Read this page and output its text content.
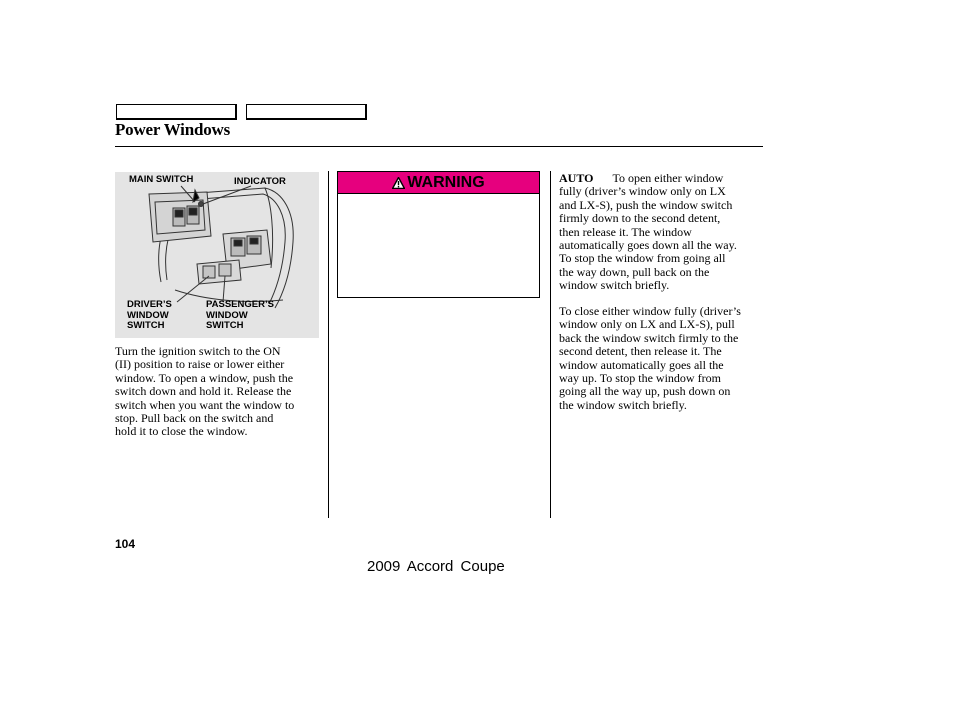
Power Windows
MAIN SWITCH	INDICATOR
DRIVER’S
WINDOW
SWITCH
PASSENGER’S
WINDOW
SWITCH
Turn the ignition switch to the ON
(II) position to raise or lower either
window. To open a window, push the
switch down and hold it. Release the
switch when you want the window to
stop. Pull back on the switch and
hold it to close the window.
WARNING	AUTO To open either window
fully (driver’s window only on LX
and LX-S), push the window switch
firmly down to the second detent,
then release it. The window
automatically goes down all the way.
To stop the window from going all
the way down, pull back on the
window switch briefly.
To close either window fully (driver’s
window only on LX and LX-S), pull
back the window switch firmly to the
second detent, then release it. The
window automatically goes all the
way up. To stop the window from
going all the way up, push down on
the window switch briefly.
104
2009 Accord Coupe
